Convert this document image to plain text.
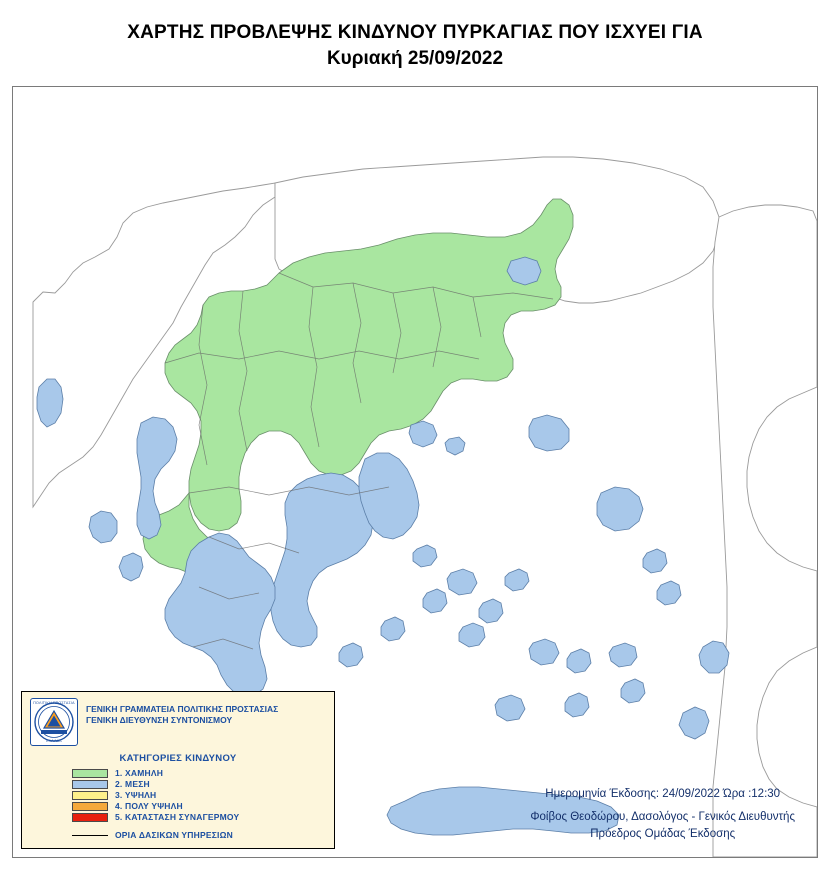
ΧΑΡΤΗΣ ΠΡΟΒΛΕΨΗΣ ΚΙΝΔΥΝΟΥ ΠΥΡΚΑΓΙΑΣ ΠΟΥ ΙΣΧΥΕΙ ΓΙΑ
Κυριακή 25/09/2022
ΠΟΛΙΤΙΚΗ ΠΡΟΣΤΑΣΙΑ
ΕΛΛΑΔΑ
ΓΕΝΙΚΗ ΓΡΑΜΜΑΤΕΙΑ ΠΟΛΙΤΙΚΗΣ ΠΡΟΣΤΑΣΙΑΣ
ΓΕΝΙΚΗ ΔΙΕΥΘΥΝΣΗ ΣΥΝΤΟΝΙΣΜΟΥ
ΚΑΤΗΓΟΡΙΕΣ ΚΙΝΔΥΝΟΥ
1. ΧΑΜΗΛΗ
2. ΜΕΣΗ
3. ΥΨΗΛΗ
4. ΠΟΛΥ ΥΨΗΛΗ
5. ΚΑΤΑΣΤΑΣΗ ΣΥΝΑΓΕΡΜΟΥ
ΟΡΙΑ ΔΑΣΙΚΩΝ ΥΠΗΡΕΣΙΩΝ
Ημερομηνία Έκδοσης: 24/09/2022 Ώρα :12:30
Φοίβος Θεοδώρου, Δασολόγος - Γενικός Διευθυντής
Πρόεδρος Ομάδας Έκδοσης
